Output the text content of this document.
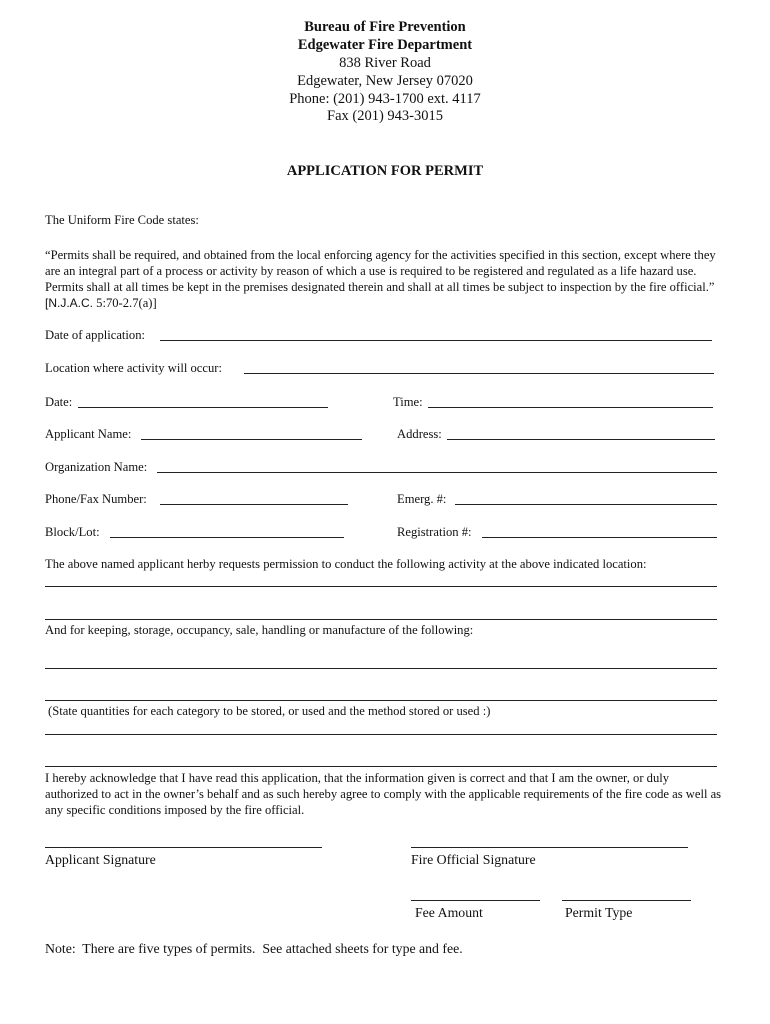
Bureau of Fire Prevention
Edgewater Fire Department
838 River Road
Edgewater, New Jersey 07020
Phone: (201) 943-1700 ext. 4117
Fax (201) 943-3015
APPLICATION FOR PERMIT
The Uniform Fire Code states:
“Permits shall be required, and obtained from the local enforcing agency for the activities specified in this section, except where they are an integral part of a process or activity by reason of which a use is required to be registered and regulated as a life hazard use. Permits shall at all times be kept in the premises designated therein and shall at all times be subject to inspection by the fire official.” [N.J.A.C. 5:70-2.7(a)]
Date of application:
Location where activity will occur:
Date:	Time:
Applicant Name:	Address:
Organization Name:
Phone/Fax Number:	Emerg. #:
Block/Lot:	Registration #:
The above named applicant herby requests permission to conduct the following activity at the above indicated location:
And for keeping, storage, occupancy, sale, handling or manufacture of the following:
(State quantities for each category to be stored, or used and the method stored or used :)
I hereby acknowledge that I have read this application, that the information given is correct and that I am the owner, or duly authorized to act in the owner’s behalf and as such hereby agree to comply with the applicable requirements of the fire code as well as any specific conditions imposed by the fire official.
Applicant Signature	Fire Official Signature
Fee Amount	Permit Type
Note:  There are five types of permits.  See attached sheets for type and fee.
